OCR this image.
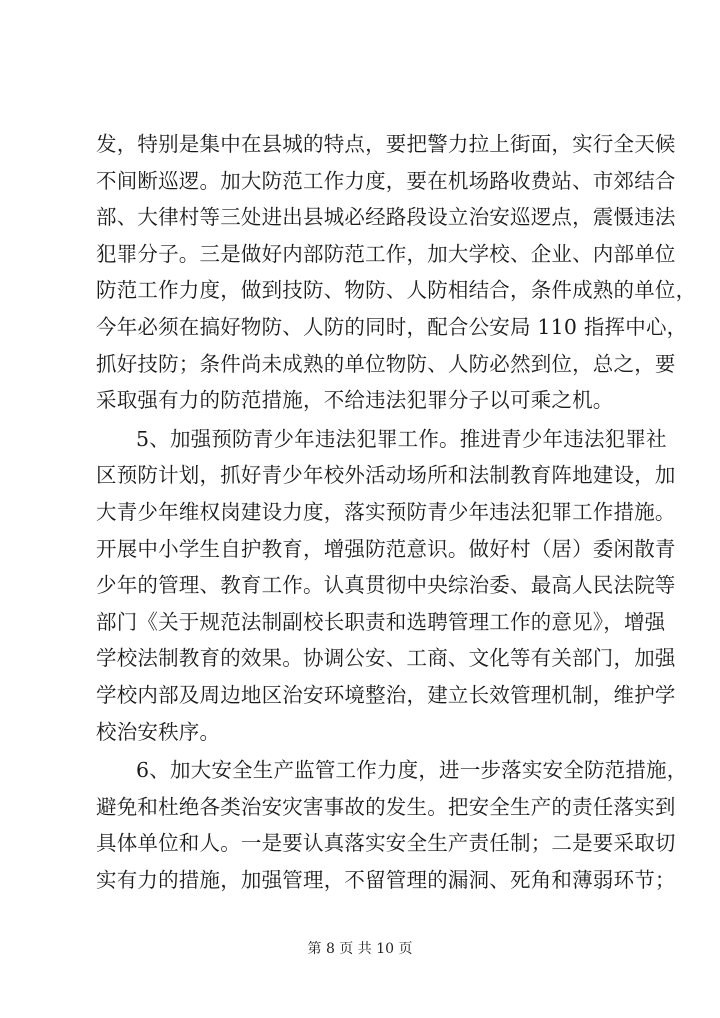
发，特别是集中在县城的特点，要把警力拉上街面，实行全天候
不间断巡逻。加大防范工作力度，要在机场路收费站、市郊结合
部、大律村等三处进出县城必经路段设立治安巡逻点，震慑违法
犯罪分子。三是做好内部防范工作，加大学校、企业、内部单位
防范工作力度，做到技防、物防、人防相结合，条件成熟的单位，
今年必须在搞好物防、人防的同时，配合公安局 110 指挥中心，
抓好技防；条件尚未成熟的单位物防、人防必然到位，总之，要
采取强有力的防范措施，不给违法犯罪分子以可乘之机。
5、加强预防青少年违法犯罪工作。推进青少年违法犯罪社
区预防计划，抓好青少年校外活动场所和法制教育阵地建设，加
大青少年维权岗建设力度，落实预防青少年违法犯罪工作措施。
开展中小学生自护教育，增强防范意识。做好村（居）委闲散青
少年的管理、教育工作。认真贯彻中央综治委、最高人民法院等
部门《关于规范法制副校长职责和选聘管理工作的意见》，增强
学校法制教育的效果。协调公安、工商、文化等有关部门，加强
学校内部及周边地区治安环境整治，建立长效管理机制，维护学
校治安秩序。
6、加大安全生产监管工作力度，进一步落实安全防范措施，
避免和杜绝各类治安灾害事故的发生。把安全生产的责任落实到
具体单位和人。一是要认真落实安全生产责任制；二是要采取切
实有力的措施，加强管理，不留管理的漏洞、死角和薄弱环节；
第 8 页 共 10 页
